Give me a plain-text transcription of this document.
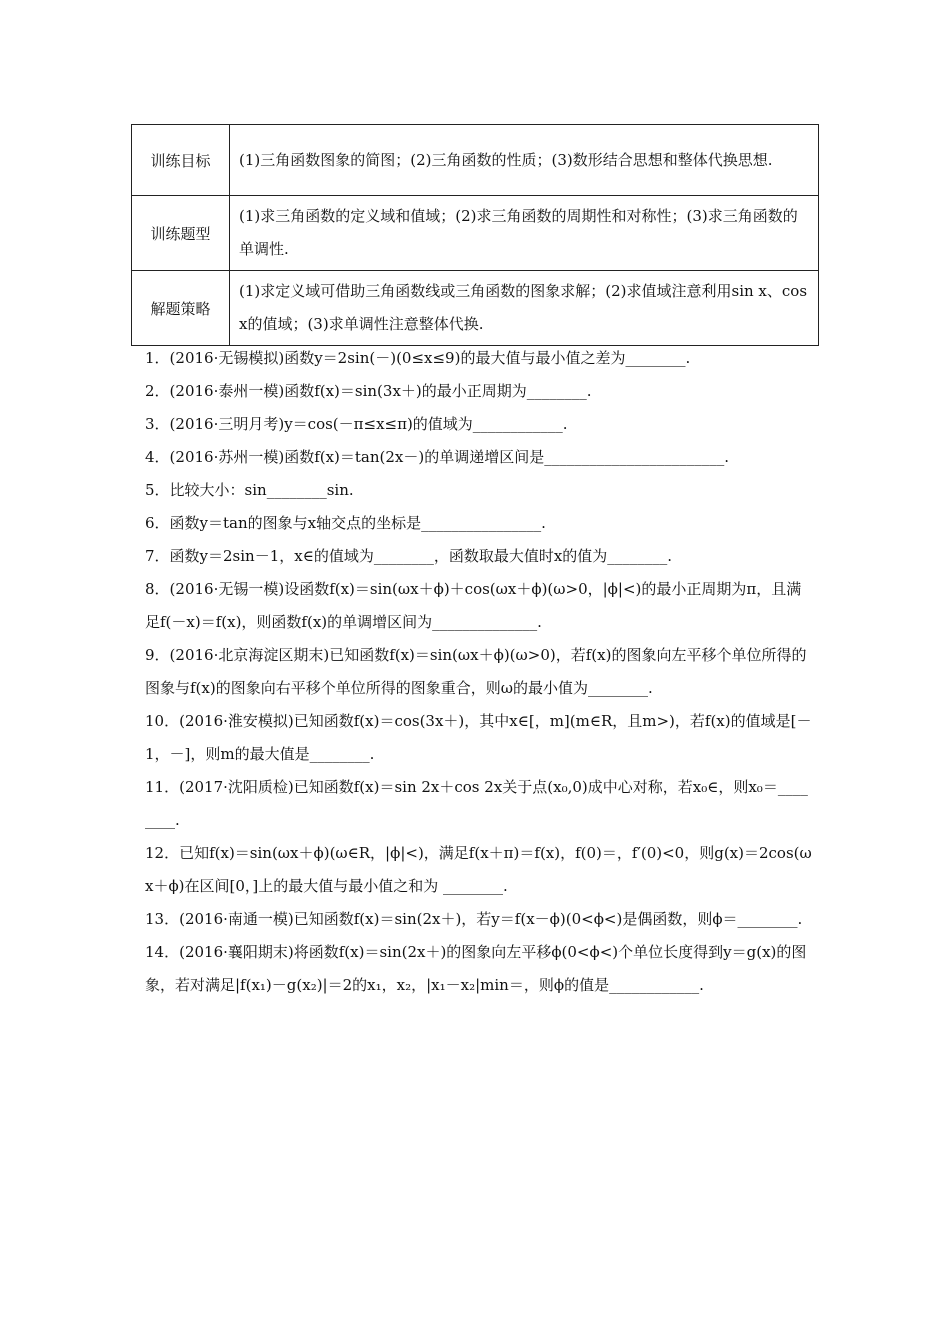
训练目标	(1)三角函数图象的简图；(2)三角函数的性质；(3)数形结合思想和整体代换思想.
训练题型	(1)求三角函数的定义域和值域；(2)求三角函数的周期性和对称性；(3)求三角函数的单调性.
解题策略	(1)求定义域可借助三角函数线或三角函数的图象求解；(2)求值域注意利用sin x、cos x的值域；(3)求单调性注意整体代换.

1．(2016·无锡模拟)函数y＝2sin(－)(0≤x≤9)的最大值与最小值之差为________.

2．(2016·泰州一模)函数f(x)＝sin(3x＋)的最小正周期为________.

3．(2016·三明月考)y＝cos(－π≤x≤π)的值域为____________.

4．(2016·苏州一模)函数f(x)＝tan(2x－)的单调递增区间是________________________.

5．比较大小：sin________sin.

6．函数y＝tan的图象与x轴交点的坐标是________________.

7．函数y＝2sin－1，x∈的值域为________，函数取最大值时x的值为________.

8．(2016·无锡一模)设函数f(x)＝sin(ωx＋ϕ)＋cos(ωx＋ϕ)(ω>0，|ϕ|<)的最小正周期为π，且满足f(－x)＝f(x)，则函数f(x)的单调增区间为______________.

9．(2016·北京海淀区期末)已知函数f(x)＝sin(ωx＋ϕ)(ω>0)，若f(x)的图象向左平移个单位所得的图象与f(x)的图象向右平移个单位所得的图象重合，则ω的最小值为________.

10．(2016·淮安模拟)已知函数f(x)＝cos(3x＋)，其中x∈[，m](m∈R，且m>)，若f(x)的值域是[－1，－]，则m的最大值是________.

11．(2017·沈阳质检)已知函数f(x)＝sin 2x＋cos 2x关于点(x₀,0)成中心对称，若x₀∈，则x₀＝________.

12．已知f(x)＝sin(ωx＋ϕ)(ω∈R，|ϕ|<)，满足f(x＋π)＝f(x)，f(0)＝，f′(0)<0，则g(x)＝2cos(ωx＋ϕ)在区间[0，]上的最大值与最小值之和为 ________.

13．(2016·南通一模)已知函数f(x)＝sin(2x＋)，若y＝f(x－ϕ)(0<ϕ<)是偶函数，则ϕ＝________.

14．(2016·襄阳期末)将函数f(x)＝sin(2x＋)的图象向左平移ϕ(0<ϕ<)个单位长度得到y＝g(x)的图象，若对满足|f(x₁)－g(x₂)|＝2的x₁，x₂，|x₁－x₂|min＝，则ϕ的值是____________.
